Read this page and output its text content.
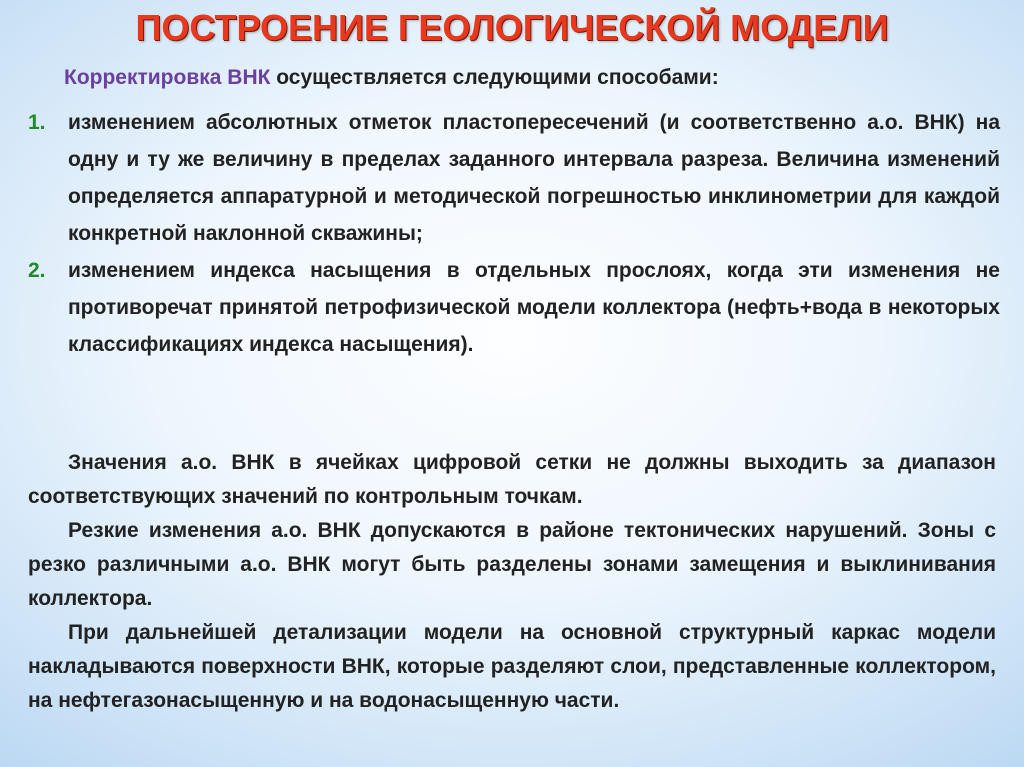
ПОСТРОЕНИЕ ГЕОЛОГИЧЕСКОЙ МОДЕЛИ
Корректировка ВНК осуществляется следующими способами:
1. изменением абсолютных отметок пластопересечений (и соответственно а.о. ВНК) на одну и ту же величину в пределах заданного интервала разреза. Величина изменений определяется аппаратурной и методической погрешностью инклинометрии для каждой конкретной наклонной скважины;
2. изменением индекса насыщения в отдельных прослоях, когда эти изменения не противоречат принятой петрофизической модели коллектора (нефть+вода в некоторых классификациях индекса насыщения).

Значения а.о. ВНК в ячейках цифровой сетки не должны выходить за диапазон соответствующих значений по контрольным точкам.

Резкие изменения а.о. ВНК допускаются в районе тектонических нарушений. Зоны с резко различными а.о. ВНК могут быть разделены зонами замещения и выклинивания коллектора.

При дальнейшей детализации модели на основной структурный каркас модели накладываются поверхности ВНК, которые разделяют слои, представленные коллектором, на нефтегазонасыщенную и на водонасыщенную части.
